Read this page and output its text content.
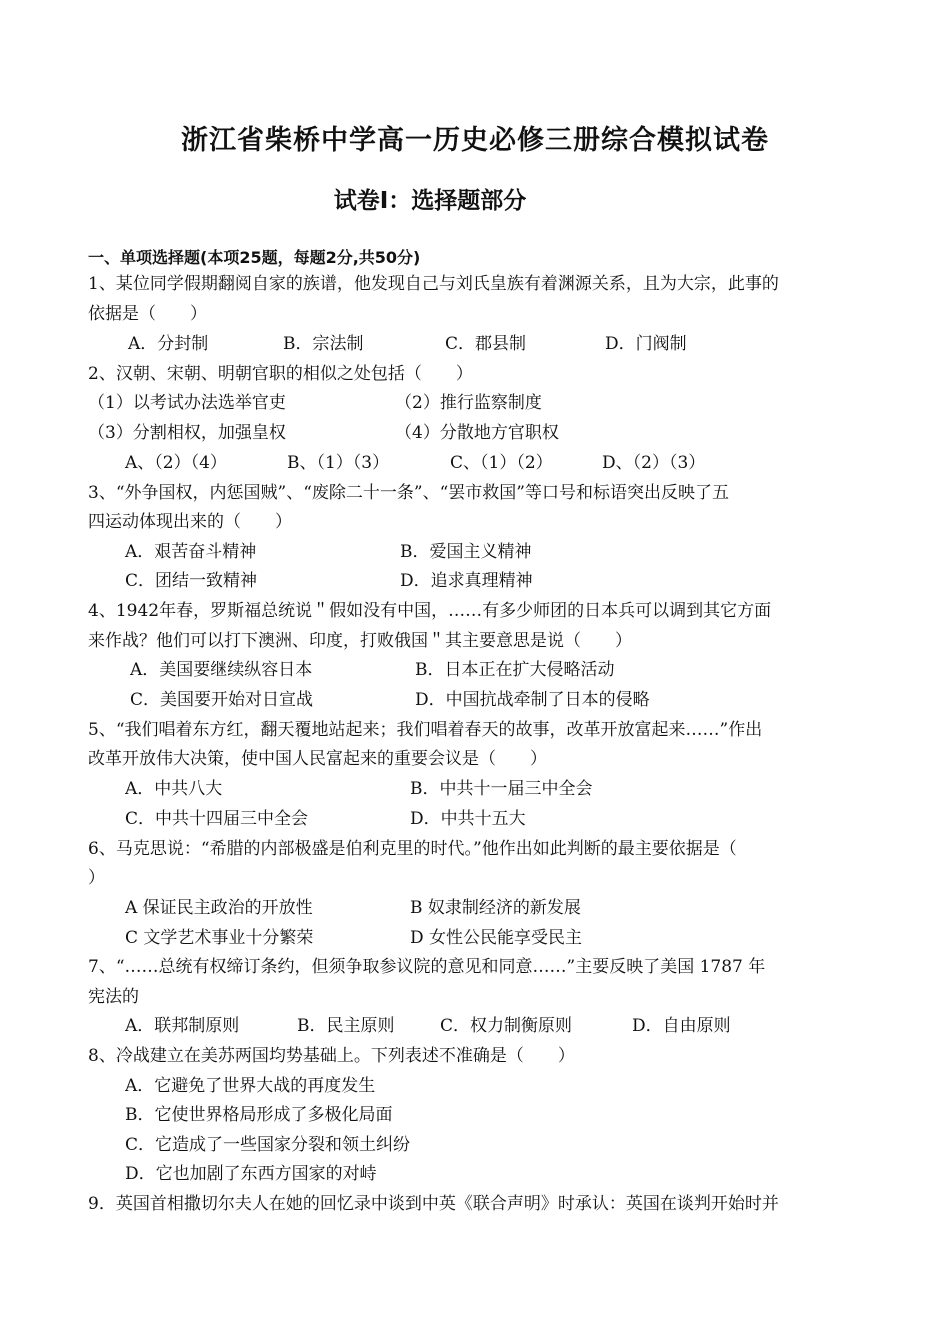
浙江省柴桥中学高一历史必修三册综合模拟试卷
试卷Ⅰ：选择题部分
一、单项选择题(本项25题，每题2分,共50分)
1、某位同学假期翻阅自家的族谱，他发现自己与刘氏皇族有着渊源关系，且为大宗，此事的
依据是（　　）
A．分封制	B．宗法制	C．郡县制	D．门阀制
2、汉朝、宋朝、明朝官职的相似之处包括（　　）
（1）以考试办法选举官吏	（2）推行监察制度
（3）分割相权，加强皇权	（4）分散地方官职权
A、（2）（4）	B、（1）（3）	C、（1）（2）	D、（2）（3）
3、“外争国权，内惩国贼”、“废除二十一条”、“罢市救国”等口号和标语突出反映了五
四运动体现出来的（　　）
A．艰苦奋斗精神	B．爱国主义精神
C．团结一致精神	D．追求真理精神
4、1942年春，罗斯福总统说＂假如没有中国，……有多少师团的日本兵可以调到其它方面
来作战？他们可以打下澳洲、印度，打败俄国＂其主要意思是说（　　）
A．美国要继续纵容日本	B．日本正在扩大侵略活动
C．美国要开始对日宣战	D．中国抗战牵制了日本的侵略
5、“我们唱着东方红，翻天覆地站起来；我们唱着春天的故事，改革开放富起来……”作出
改革开放伟大决策，使中国人民富起来的重要会议是（　　）
A．中共八大	B．中共十一届三中全会
C．中共十四届三中全会	D．中共十五大
6、马克思说：“希腊的内部极盛是伯利克里的时代。”他作出如此判断的最主要依据是（
）
A 保证民主政治的开放性	B 奴隶制经济的新发展
C 文学艺术事业十分繁荣	D 女性公民能享受民主
7、“……总统有权缔订条约，但须争取参议院的意见和同意……”主要反映了美国 1787 年
宪法的
A．联邦制原则	B．民主原则	C．权力制衡原则	D．自由原则
8、冷战建立在美苏两国均势基础上。下列表述不准确是（　　）
A．它避免了世界大战的再度发生
B．它使世界格局形成了多极化局面
C．它造成了一些国家分裂和领土纠纷
D．它也加剧了东西方国家的对峙
9．英国首相撒切尔夫人在她的回忆录中谈到中英《联合声明》时承认：英国在谈判开始时并
